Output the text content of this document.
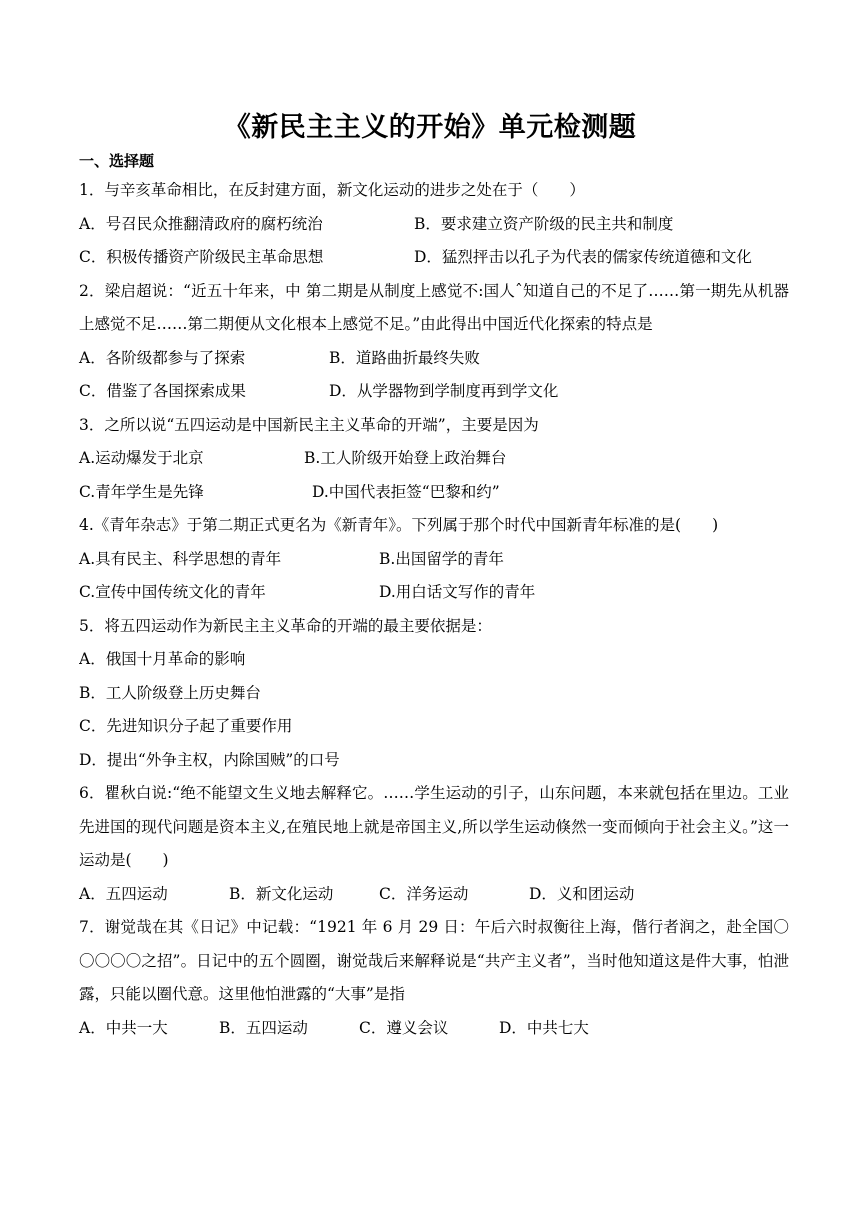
《新民主主义的开始》单元检测题
一、选择题
1．与辛亥革命相比，在反封建方面，新文化运动的进步之处在于（　　）
A．号召民众推翻清政府的腐朽统治	B．要求建立资产阶级的民主共和制度
C．积极传播资产阶级民主革命思想	D．猛烈抨击以孔子为代表的儒家传统道德和文化
2．梁启超说：“近五十年来，中 第二期是从制度上感觉不:国人ˆ知道自己的不足了……第一期先从机器上感觉不足……第二期便从文化根本上感觉不足。”由此得出中国近代化探索的特点是
A．各阶级都参与了探索	B．道路曲折最终失败
C．借鉴了各国探索成果	D．从学器物到学制度再到学文化
3．之所以说“五四运动是中国新民主主义革命的开端”，主要是因为
A.运动爆发于北京	B.工人阶级开始登上政治舞台
C.青年学生是先锋	D.中国代表拒签“巴黎和约”
4.《青年杂志》于第二期正式更名为《新青年》。下列属于那个时代中国新青年标准的是(　　)
A.具有民主、科学思想的青年	B.出国留学的青年
C.宣传中国传统文化的青年	D.用白话文写作的青年
5．将五四运动作为新民主主义革命的开端的最主要依据是：
A．俄国十月革命的影响
B．工人阶级登上历史舞台
C．先进知识分子起了重要作用
D．提出“外争主权，内除国贼”的口号
6．瞿秋白说:“绝不能望文生义地去解释它。……学生运动的引子，山东问题，本来就包括在里边。工业先进国的现代问题是资本主义,在殖民地上就是帝国主义,所以学生运动倏然一变而倾向于社会主义。”这一运动是(　　)
A．五四运动	B．新文化运动	C．洋务运动	D．义和团运动
7．谢觉哉在其《日记》中记载：“1921 年 6 月 29 日：午后六时叔衡往上海，偕行者润之，赴全国〇〇〇〇〇之招”。日记中的五个圆圈，谢觉哉后来解释说是“共产主义者”，当时他知道这是件大事，怕泄露，只能以圈代意。这里他怕泄露的“大事”是指
A．中共一大	B．五四运动	C．遵义会议	D．中共七大
